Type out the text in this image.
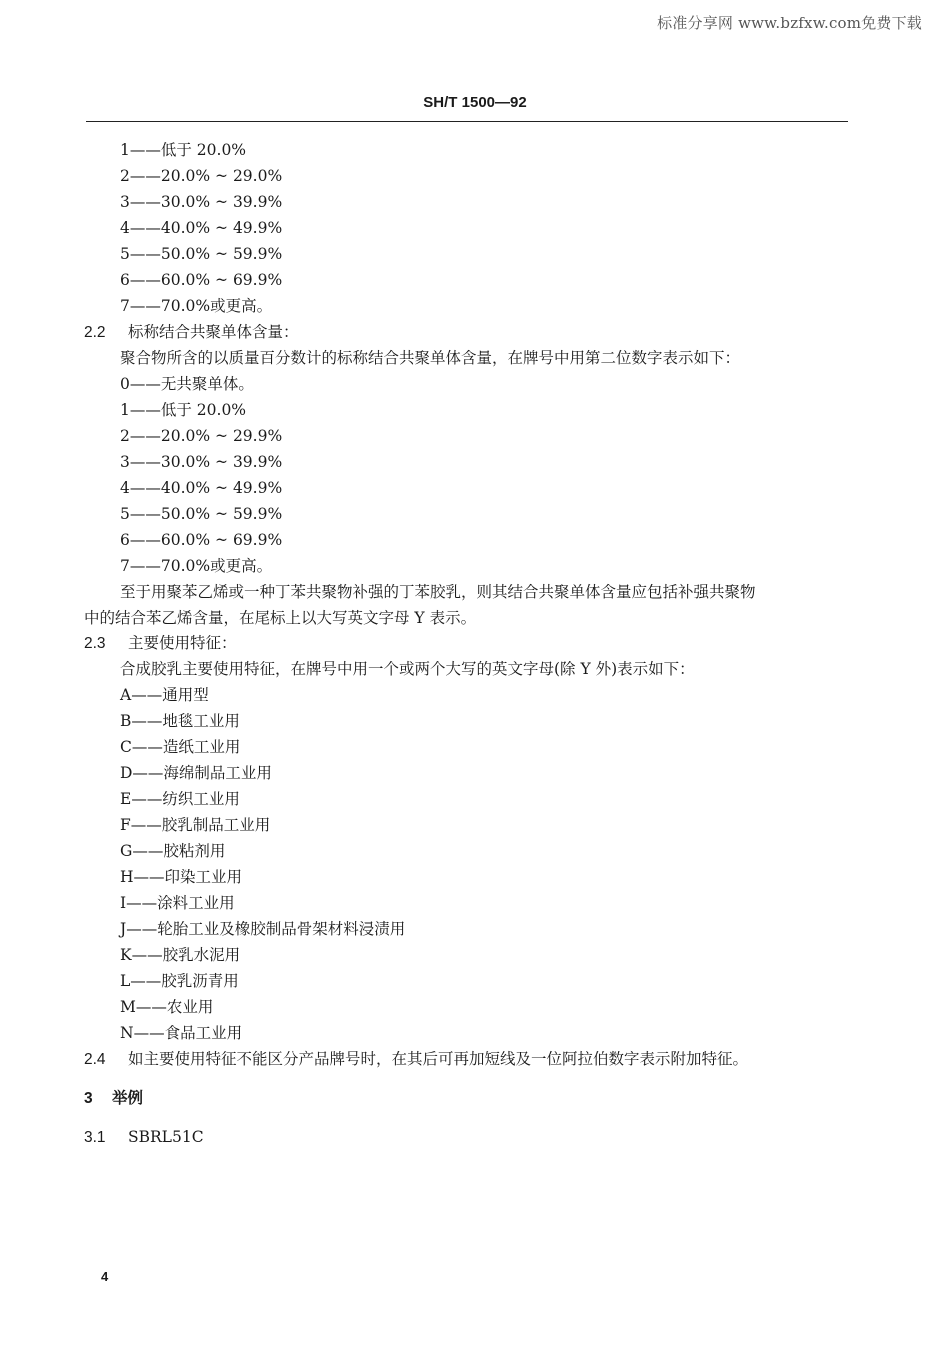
标准分享网 www.bzfxw.com免费下载
SH/T 1500—92
1——低于 20.0%
2——20.0% ~ 29.0%
3——30.0% ~ 39.9%
4——40.0% ~ 49.9%
5——50.0% ~ 59.9%
6——60.0% ~ 69.9%
7——70.0%或更高。
2.2 标称结合共聚单体含量：
聚合物所含的以质量百分数计的标称结合共聚单体含量，在牌号中用第二位数字表示如下：
0——无共聚单体。
1——低于 20.0%
2——20.0% ~ 29.9%
3——30.0% ~ 39.9%
4——40.0% ~ 49.9%
5——50.0% ~ 59.9%
6——60.0% ~ 69.9%
7——70.0%或更高。
至于用聚苯乙烯或一种丁苯共聚物补强的丁苯胶乳，则其结合共聚单体含量应包括补强共聚物
中的结合苯乙烯含量，在尾标上以大写英文字母 Y 表示。
2.3 主要使用特征：
合成胶乳主要使用特征，在牌号中用一个或两个大写的英文字母(除 Y 外)表示如下：
A——通用型
B——地毯工业用
C——造纸工业用
D——海绵制品工业用
E——纺织工业用
F——胶乳制品工业用
G——胶粘剂用
H——印染工业用
I——涂料工业用
J——轮胎工业及橡胶制品骨架材料浸渍用
K——胶乳水泥用
L——胶乳沥青用
M——农业用
N——食品工业用
2.4 如主要使用特征不能区分产品牌号时，在其后可再加短线及一位阿拉伯数字表示附加特征。
3 举例
3.1 SBRL51C
4
